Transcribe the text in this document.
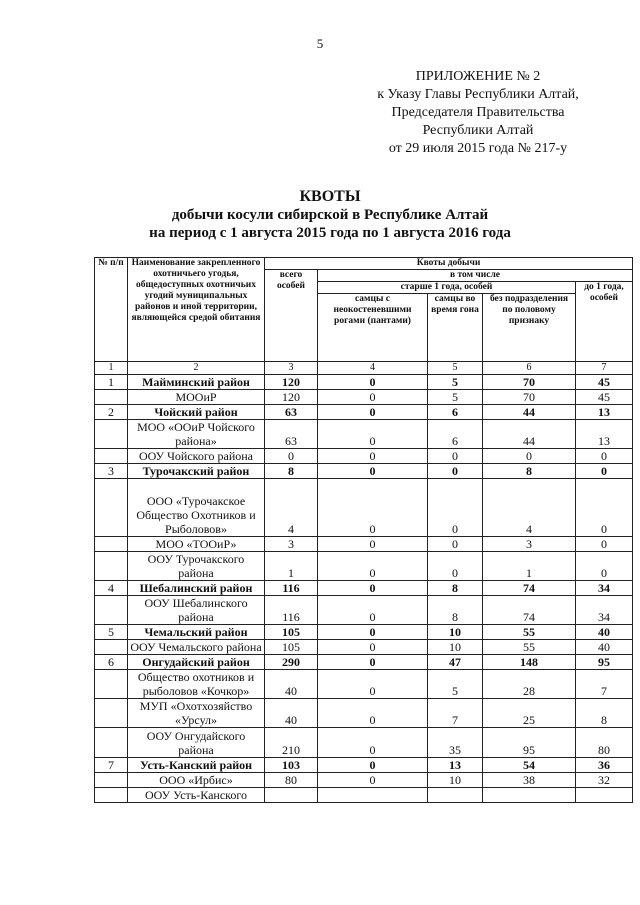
5
ПРИЛОЖЕНИЕ № 2
к Указу Главы Республики Алтай,
Председателя Правительства
Республики Алтай
от 29 июля 2015 года № 217-у
КВОТЫ
добычи косули сибирской в Республике Алтай
на период с 1 августа 2015 года по 1 августа 2016 года
№ п/п	Наименование закрепленного охотничьего угодья, общедоступных охотничьих угодий муниципальных районов и иной территории, являющейся средой обитания	Квоты добычи				
		всего особей	в том числе			
			старше 1 года, особей			до 1 года, особей
			самцы с неокостеневшими рогами (пантами)	самцы во время гона	без подразделения по половому признаку	
1	2	3	4	5	6	7
1	Майминский район	120	0	5	70	45
	МООиР	120	0	5	70	45
2	Чойский район	63	0	6	44	13
	МОО «ООиР Чойского района»	63	0	6	44	13
	ООУ Чойского района	0	0	0	0	0
3	Турочакский район	8	0	0	8	0
	ООО «Турочакское Общество Охотников и Рыболовов»	4	0	0	4	0
	МОО «ТООиР»	3	0	0	3	0
	ООУ Турочакского района	1	0	0	1	0
4	Шебалинский район	116	0	8	74	34
	ООУ Шебалинского района	116	0	8	74	34
5	Чемальский район	105	0	10	55	40
	ООУ Чемальского района	105	0	10	55	40
6	Онгудайский район	290	0	47	148	95
	Общество охотников и рыболовов «Кочкор»	40	0	5	28	7
	МУП «Охотхозяйство «Урсул»	40	0	7	25	8
	ООУ Онгудайского района	210	0	35	95	80
7	Усть-Канский район	103	0	13	54	36
	ООО «Ирбис»	80	0	10	38	32
	ООУ Усть-Канского					
